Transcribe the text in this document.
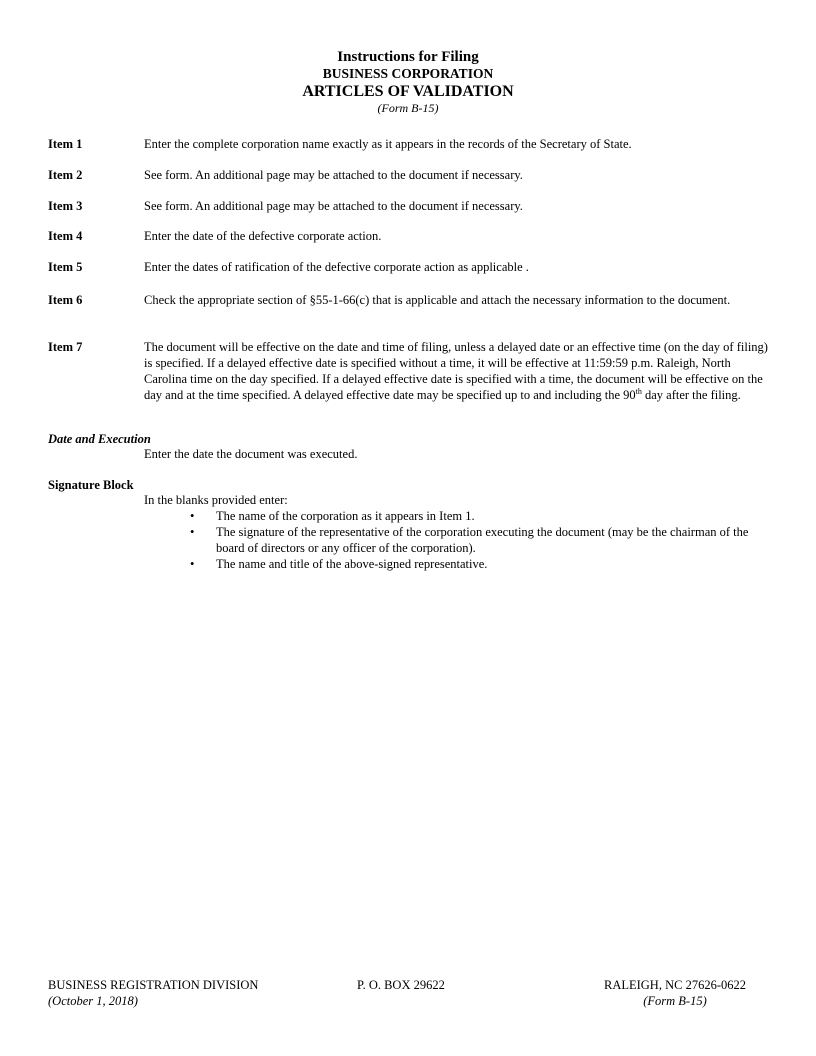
Instructions for Filing
BUSINESS CORPORATION
ARTICLES OF VALIDATION
(Form B-15)
Item 1	Enter the complete corporation name exactly as it appears in the records of the Secretary of State.
Item 2	See form. An additional page may be attached to the document if necessary.
Item 3	See form. An additional page may be attached to the document if necessary.
Item 4	Enter the date of the defective corporate action.
Item 5	Enter the dates of ratification of the defective corporate action as applicable .
Item 6	Check the appropriate section of §55-1-66(c) that is applicable and attach the necessary information to the document.
Item 7	The document will be effective on the date and time of filing, unless a delayed date or an effective time (on the day of filing) is specified. If a delayed effective date is specified without a time, it will be effective at 11:59:59 p.m. Raleigh, North Carolina time on the day specified. If a delayed effective date is specified with a time, the document will be effective on the day and at the time specified. A delayed effective date may be specified up to and including the 90th day after the filing.
Date and Execution
Enter the date the document was executed.
Signature Block
In the blanks provided enter:
• The name of the corporation as it appears in Item 1.
• The signature of the representative of the corporation executing the document (may be the chairman of the board of directors or any officer of the corporation).
• The name and title of the above-signed representative.
BUSINESS REGISTRATION DIVISION
(October 1, 2018)
P. O. BOX 29622	RALEIGH, NC 27626-0622
(Form B-15)
